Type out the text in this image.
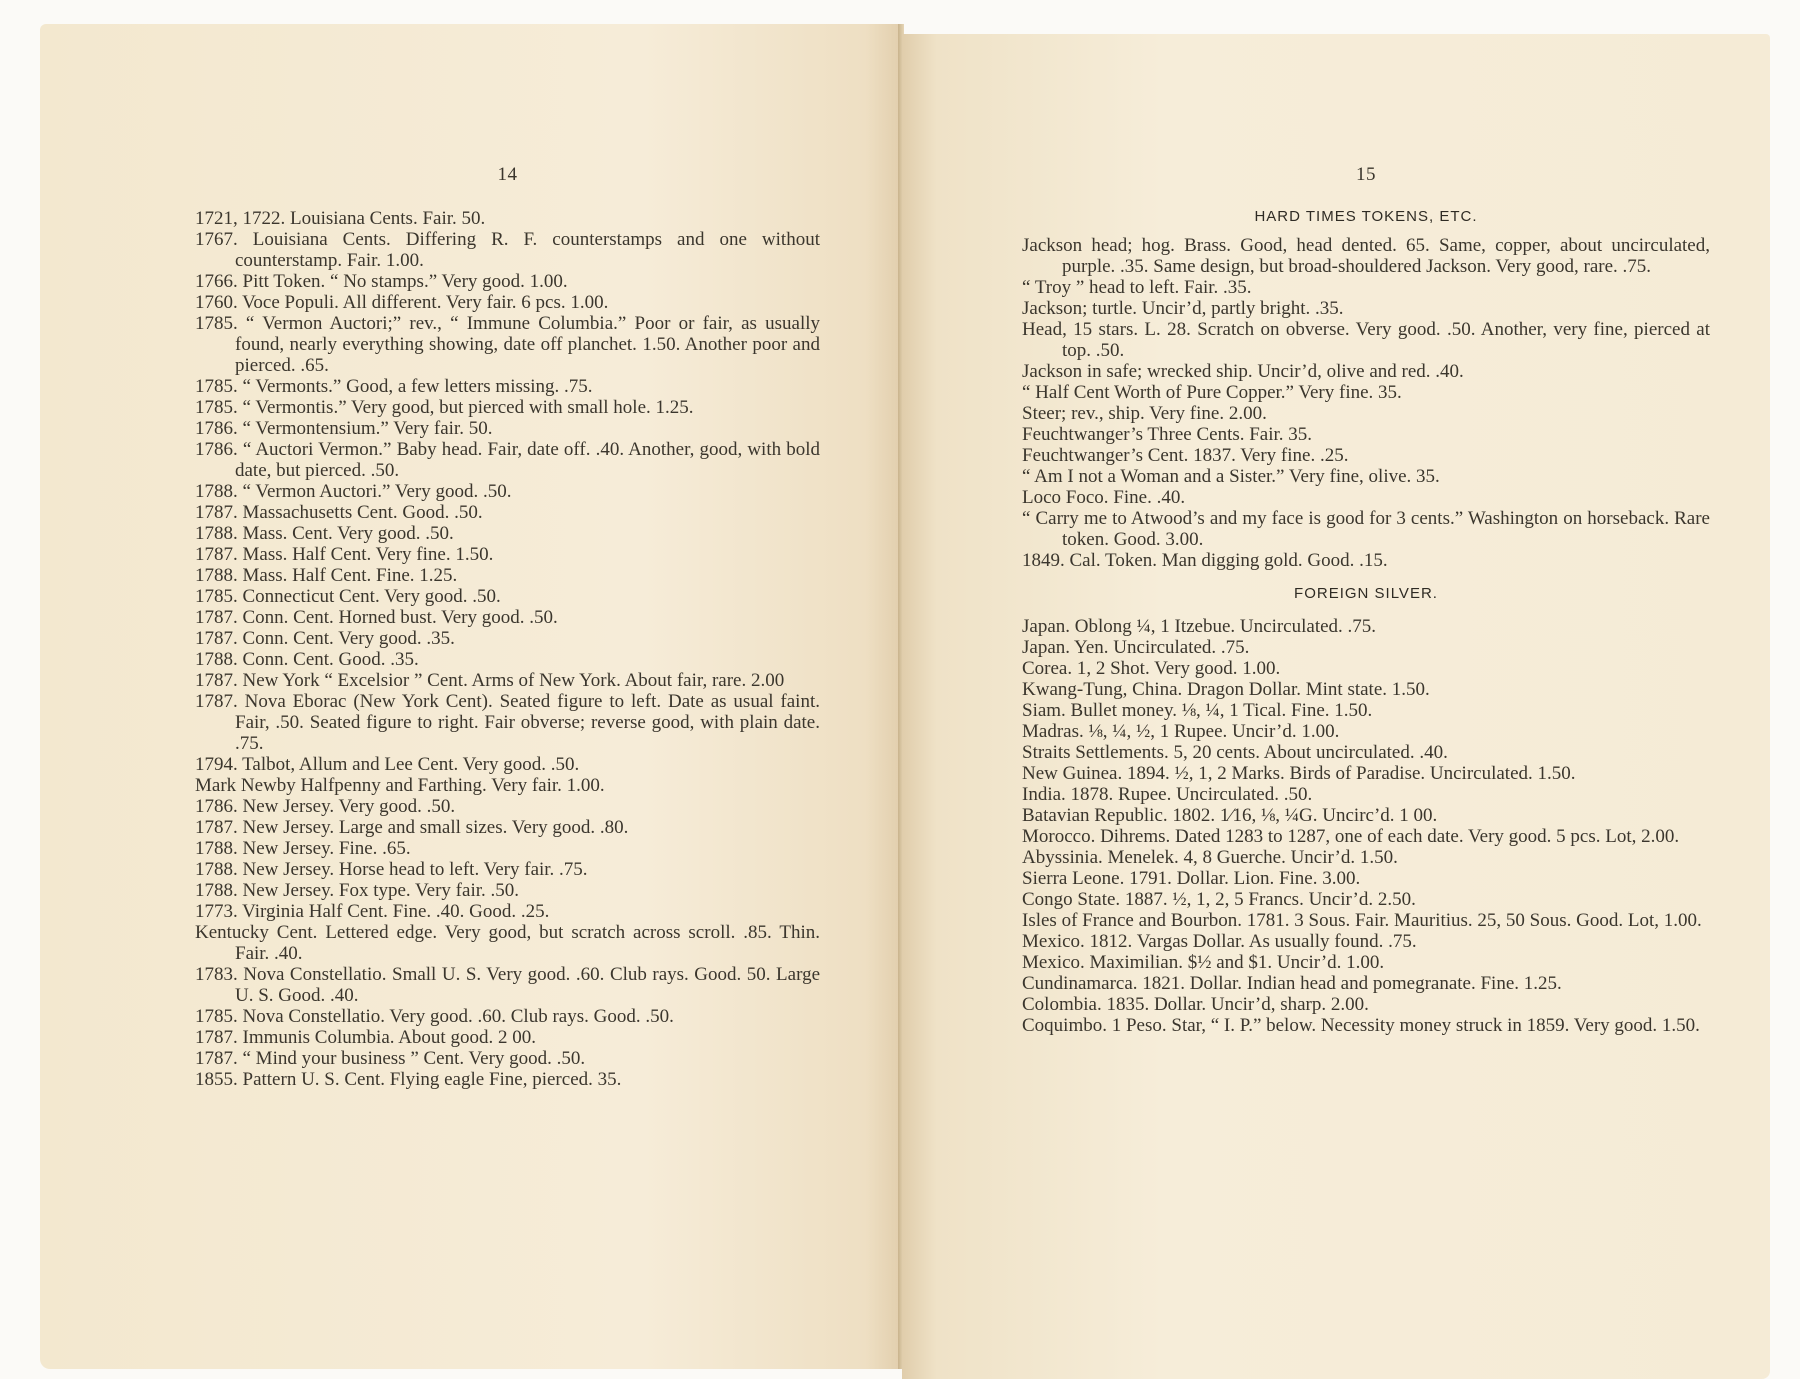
14

1721, 1722. Louisiana Cents. Fair. 50.

1767. Louisiana Cents. Differing R. F. counterstamps and one without counterstamp. Fair. 1.00.

1766. Pitt Token. “ No stamps.” Very good. 1.00.

1760. Voce Populi. All different. Very fair. 6 pcs. 1.00.

1785. “ Vermon Auctori;” rev., “ Immune Columbia.” Poor or fair, as usually found, nearly everything showing, date off planchet. 1.50. Another poor and pierced. .65.

1785. “ Vermonts.” Good, a few letters missing. .75.

1785. “ Vermontis.” Very good, but pierced with small hole. 1.25.

1786. “ Vermontensium.” Very fair. 50.

1786. “ Auctori Vermon.” Baby head. Fair, date off. .40. Another, good, with bold date, but pierced. .50.

1788. “ Vermon Auctori.” Very good. .50.

1787. Massachusetts Cent. Good. .50.

1788. Mass. Cent. Very good. .50.

1787. Mass. Half Cent. Very fine. 1.50.

1788. Mass. Half Cent. Fine. 1.25.

1785. Connecticut Cent. Very good. .50.

1787. Conn. Cent. Horned bust. Very good. .50.

1787. Conn. Cent. Very good. .35.

1788. Conn. Cent. Good. .35.

1787. New York “ Excelsior ” Cent. Arms of New York. About fair, rare. 2.00

1787. Nova Eborac (New York Cent). Seated figure to left. Date as usual faint. Fair, .50. Seated figure to right. Fair obverse; reverse good, with plain date. .75.

1794. Talbot, Allum and Lee Cent. Very good. .50.

Mark Newby Halfpenny and Farthing. Very fair. 1.00.

1786. New Jersey. Very good. .50.

1787. New Jersey. Large and small sizes. Very good. .80.

1788. New Jersey. Fine. .65.

1788. New Jersey. Horse head to left. Very fair. .75.

1788. New Jersey. Fox type. Very fair. .50.

1773. Virginia Half Cent. Fine. .40. Good. .25.

Kentucky Cent. Lettered edge. Very good, but scratch across scroll. .85. Thin. Fair. .40.

1783. Nova Constellatio. Small U. S. Very good. .60. Club rays. Good. 50. Large U. S. Good. .40.

1785. Nova Constellatio. Very good. .60. Club rays. Good. .50.

1787. Immunis Columbia. About good. 2 00.

1787. “ Mind your business ” Cent. Very good. .50.

1855. Pattern U. S. Cent. Flying eagle Fine, pierced. 35.

15
HARD TIMES TOKENS, ETC.

Jackson head; hog. Brass. Good, head dented. 65. Same, copper, about uncirculated, purple. .35. Same design, but broad-shouldered Jackson. Very good, rare. .75.

“ Troy ” head to left. Fair. .35.

Jackson; turtle. Uncir’d, partly bright. .35.

Head, 15 stars. L. 28. Scratch on obverse. Very good. .50. Another, very fine, pierced at top. .50.

Jackson in safe; wrecked ship. Uncir’d, olive and red. .40.

“ Half Cent Worth of Pure Copper.” Very fine. 35.

Steer; rev., ship. Very fine. 2.00.

Feuchtwanger’s Three Cents. Fair. 35.

Feuchtwanger’s Cent. 1837. Very fine. .25.

“ Am I not a Woman and a Sister.” Very fine, olive. 35.

Loco Foco. Fine. .40.

“ Carry me to Atwood’s and my face is good for 3 cents.” Washington on horseback. Rare token. Good. 3.00.

1849. Cal. Token. Man digging gold. Good. .15.

FOREIGN SILVER.

Japan. Oblong ¼, 1 Itzebue. Uncirculated. .75.

Japan. Yen. Uncirculated. .75.

Corea. 1, 2 Shot. Very good. 1.00.

Kwang-Tung, China. Dragon Dollar. Mint state. 1.50.

Siam. Bullet money. ⅛, ¼, 1 Tical. Fine. 1.50.

Madras. ⅛, ¼, ½, 1 Rupee. Uncir’d. 1.00.

Straits Settlements. 5, 20 cents. About uncirculated. .40.

New Guinea. 1894. ½, 1, 2 Marks. Birds of Paradise. Uncirculated. 1.50.

India. 1878. Rupee. Uncirculated. .50.

Batavian Republic. 1802. 1⁄16, ⅛, ¼G. Uncirc’d. 1 00.

Morocco. Dihrems. Dated 1283 to 1287, one of each date. Very good. 5 pcs. Lot, 2.00.

Abyssinia. Menelek. 4, 8 Guerche. Uncir’d. 1.50.

Sierra Leone. 1791. Dollar. Lion. Fine. 3.00.

Congo State. 1887. ½, 1, 2, 5 Francs. Uncir’d. 2.50.

Isles of France and Bourbon. 1781. 3 Sous. Fair. Mauritius. 25, 50 Sous. Good. Lot, 1.00.

Mexico. 1812. Vargas Dollar. As usually found. .75.

Mexico. Maximilian. $½ and $1. Uncir’d. 1.00.

Cundinamarca. 1821. Dollar. Indian head and pomegranate. Fine. 1.25.

Colombia. 1835. Dollar. Uncir’d, sharp. 2.00.

Coquimbo. 1 Peso. Star, “ I. P.” below. Necessity money struck in 1859. Very good. 1.50.
